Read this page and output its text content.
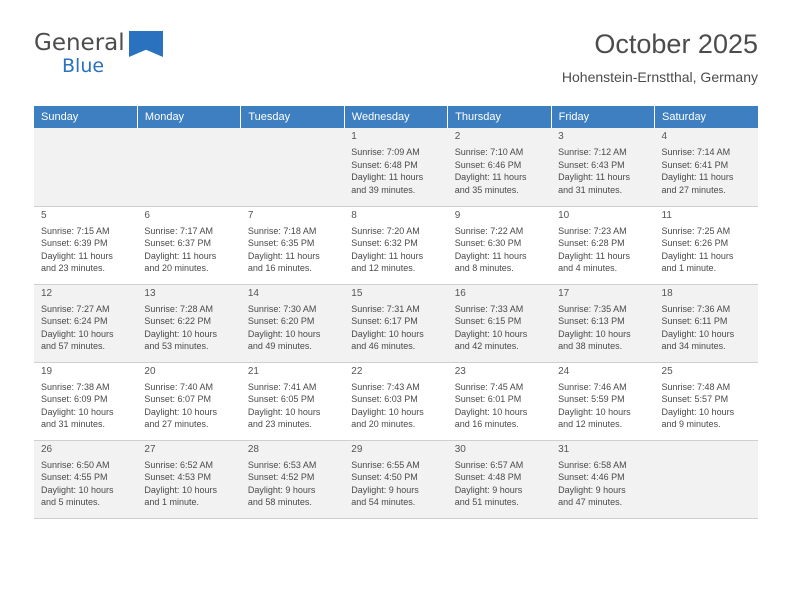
General
Blue
October 2025

Hohenstein-Ernstthal, Germany

Sunday	Monday	Tuesday	Wednesday	Thursday	Friday	Saturday

			1
Sunrise: 7:09 AM
Sunset: 6:48 PM
Daylight: 11 hours
and 39 minutes.	2
Sunrise: 7:10 AM
Sunset: 6:46 PM
Daylight: 11 hours
and 35 minutes.	3
Sunrise: 7:12 AM
Sunset: 6:43 PM
Daylight: 11 hours
and 31 minutes.	4
Sunrise: 7:14 AM
Sunset: 6:41 PM
Daylight: 11 hours
and 27 minutes.

5
Sunrise: 7:15 AM
Sunset: 6:39 PM
Daylight: 11 hours
and 23 minutes.	6
Sunrise: 7:17 AM
Sunset: 6:37 PM
Daylight: 11 hours
and 20 minutes.	7
Sunrise: 7:18 AM
Sunset: 6:35 PM
Daylight: 11 hours
and 16 minutes.	8
Sunrise: 7:20 AM
Sunset: 6:32 PM
Daylight: 11 hours
and 12 minutes.	9
Sunrise: 7:22 AM
Sunset: 6:30 PM
Daylight: 11 hours
and 8 minutes.	10
Sunrise: 7:23 AM
Sunset: 6:28 PM
Daylight: 11 hours
and 4 minutes.	11
Sunrise: 7:25 AM
Sunset: 6:26 PM
Daylight: 11 hours
and 1 minute.

12
Sunrise: 7:27 AM
Sunset: 6:24 PM
Daylight: 10 hours
and 57 minutes.	13
Sunrise: 7:28 AM
Sunset: 6:22 PM
Daylight: 10 hours
and 53 minutes.	14
Sunrise: 7:30 AM
Sunset: 6:20 PM
Daylight: 10 hours
and 49 minutes.	15
Sunrise: 7:31 AM
Sunset: 6:17 PM
Daylight: 10 hours
and 46 minutes.	16
Sunrise: 7:33 AM
Sunset: 6:15 PM
Daylight: 10 hours
and 42 minutes.	17
Sunrise: 7:35 AM
Sunset: 6:13 PM
Daylight: 10 hours
and 38 minutes.	18
Sunrise: 7:36 AM
Sunset: 6:11 PM
Daylight: 10 hours
and 34 minutes.

19
Sunrise: 7:38 AM
Sunset: 6:09 PM
Daylight: 10 hours
and 31 minutes.	20
Sunrise: 7:40 AM
Sunset: 6:07 PM
Daylight: 10 hours
and 27 minutes.	21
Sunrise: 7:41 AM
Sunset: 6:05 PM
Daylight: 10 hours
and 23 minutes.	22
Sunrise: 7:43 AM
Sunset: 6:03 PM
Daylight: 10 hours
and 20 minutes.	23
Sunrise: 7:45 AM
Sunset: 6:01 PM
Daylight: 10 hours
and 16 minutes.	24
Sunrise: 7:46 AM
Sunset: 5:59 PM
Daylight: 10 hours
and 12 minutes.	25
Sunrise: 7:48 AM
Sunset: 5:57 PM
Daylight: 10 hours
and 9 minutes.

26
Sunrise: 6:50 AM
Sunset: 4:55 PM
Daylight: 10 hours
and 5 minutes.	27
Sunrise: 6:52 AM
Sunset: 4:53 PM
Daylight: 10 hours
and 1 minute.	28
Sunrise: 6:53 AM
Sunset: 4:52 PM
Daylight: 9 hours
and 58 minutes.	29
Sunrise: 6:55 AM
Sunset: 4:50 PM
Daylight: 9 hours
and 54 minutes.	30
Sunrise: 6:57 AM
Sunset: 4:48 PM
Daylight: 9 hours
and 51 minutes.	31
Sunrise: 6:58 AM
Sunset: 4:46 PM
Daylight: 9 hours
and 47 minutes.	
